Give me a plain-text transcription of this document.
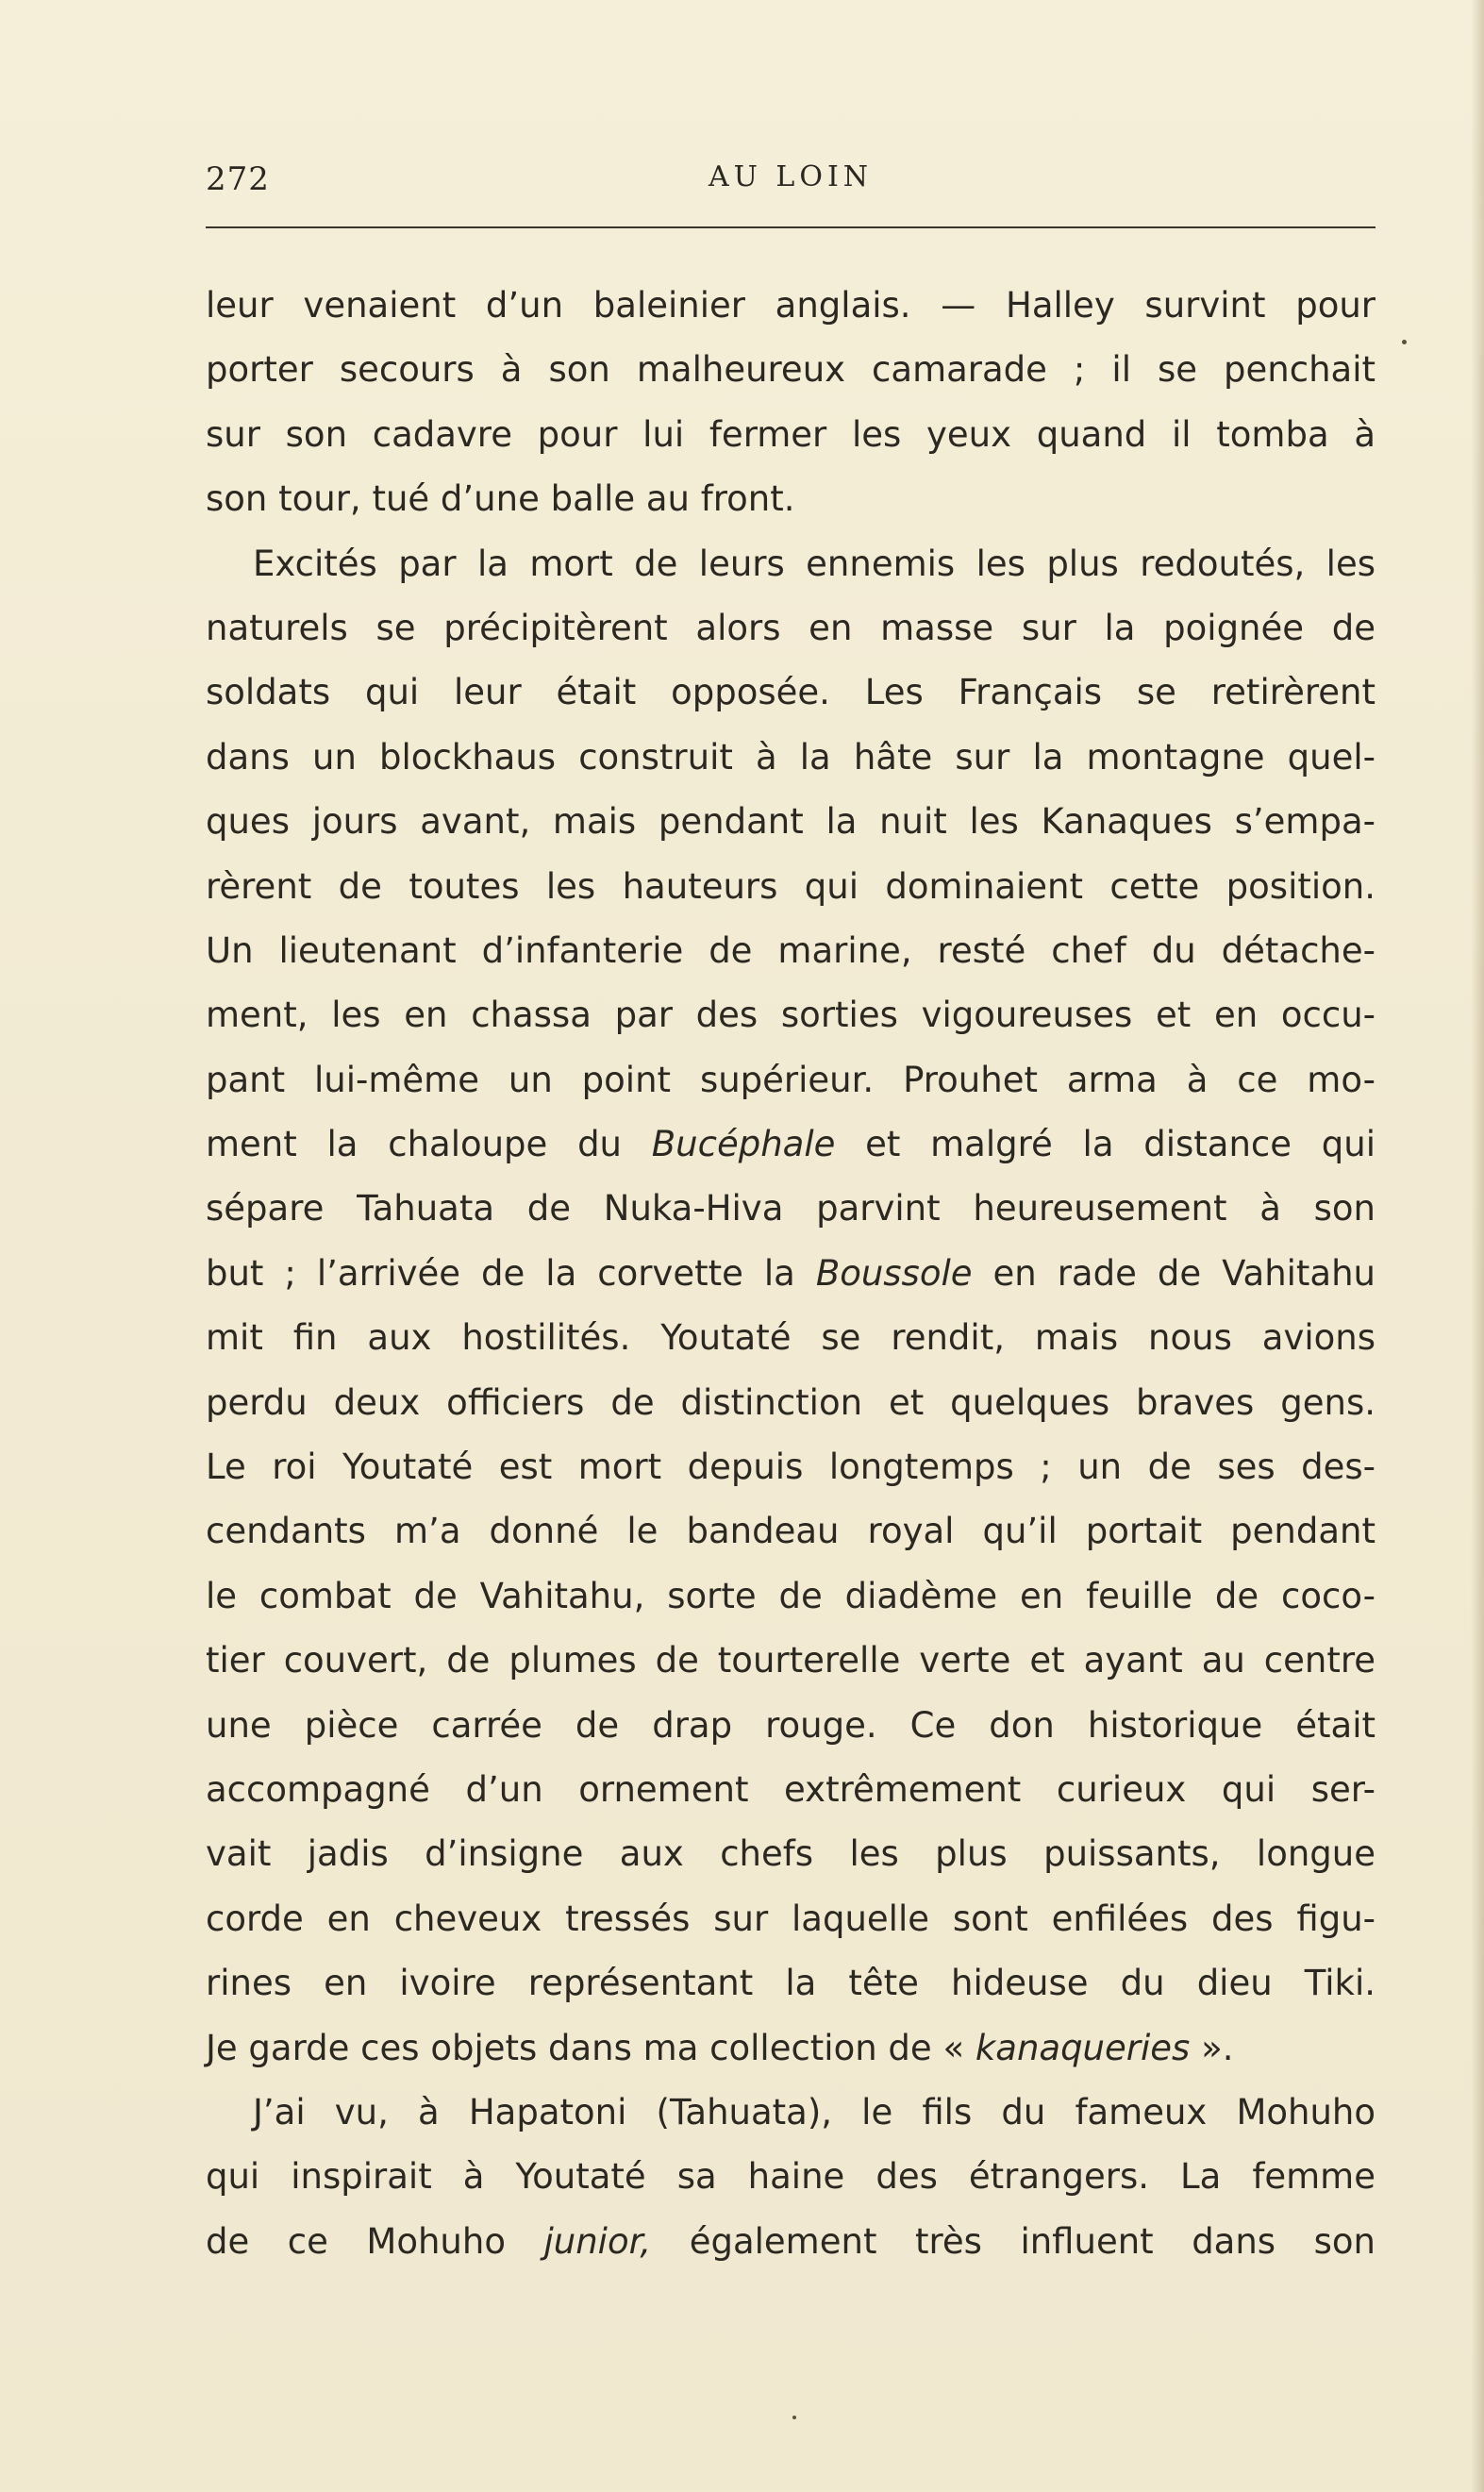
272	AU LOIN
leur venaient d’un baleinier anglais. — Halley survint pour
porter secours à son malheureux camarade ; il se penchait
sur son cadavre pour lui fermer les yeux quand il tomba à
son tour, tué d’une balle au front.
Excités par la mort de leurs ennemis les plus redoutés, les
naturels se précipitèrent alors en masse sur la poignée de
soldats qui leur était opposée. Les Français se retirèrent
dans un blockhaus construit à la hâte sur la montagne quel-
ques jours avant, mais pendant la nuit les Kanaques s’empa-
rèrent de toutes les hauteurs qui dominaient cette position.
Un lieutenant d’infanterie de marine, resté chef du détache-
ment, les en chassa par des sorties vigoureuses et en occu-
pant lui-même un point supérieur. Prouhet arma à ce mo-
ment la chaloupe du Bucéphale et malgré la distance qui
sépare Tahuata de Nuka-Hiva parvint heureusement à son
but ; l’arrivée de la corvette la Boussole en rade de Vahitahu
mit fin aux hostilités. Youtaté se rendit, mais nous avions
perdu deux officiers de distinction et quelques braves gens.
Le roi Youtaté est mort depuis longtemps ; un de ses des-
cendants m’a donné le bandeau royal qu’il portait pendant
le combat de Vahitahu, sorte de diadème en feuille de coco-
tier couvert, de plumes de tourterelle verte et ayant au centre
une pièce carrée de drap rouge. Ce don historique était
accompagné d’un ornement extrêmement curieux qui ser-
vait jadis d’insigne aux chefs les plus puissants, longue
corde en cheveux tressés sur laquelle sont enfilées des figu-
rines en ivoire représentant la tête hideuse du dieu Tiki.
Je garde ces objets dans ma collection de « kanaqueries ».
J’ai vu, à Hapatoni (Tahuata), le fils du fameux Mohuho
qui inspirait à Youtaté sa haine des étrangers. La femme
de ce Mohuho junior, également très influent dans son
